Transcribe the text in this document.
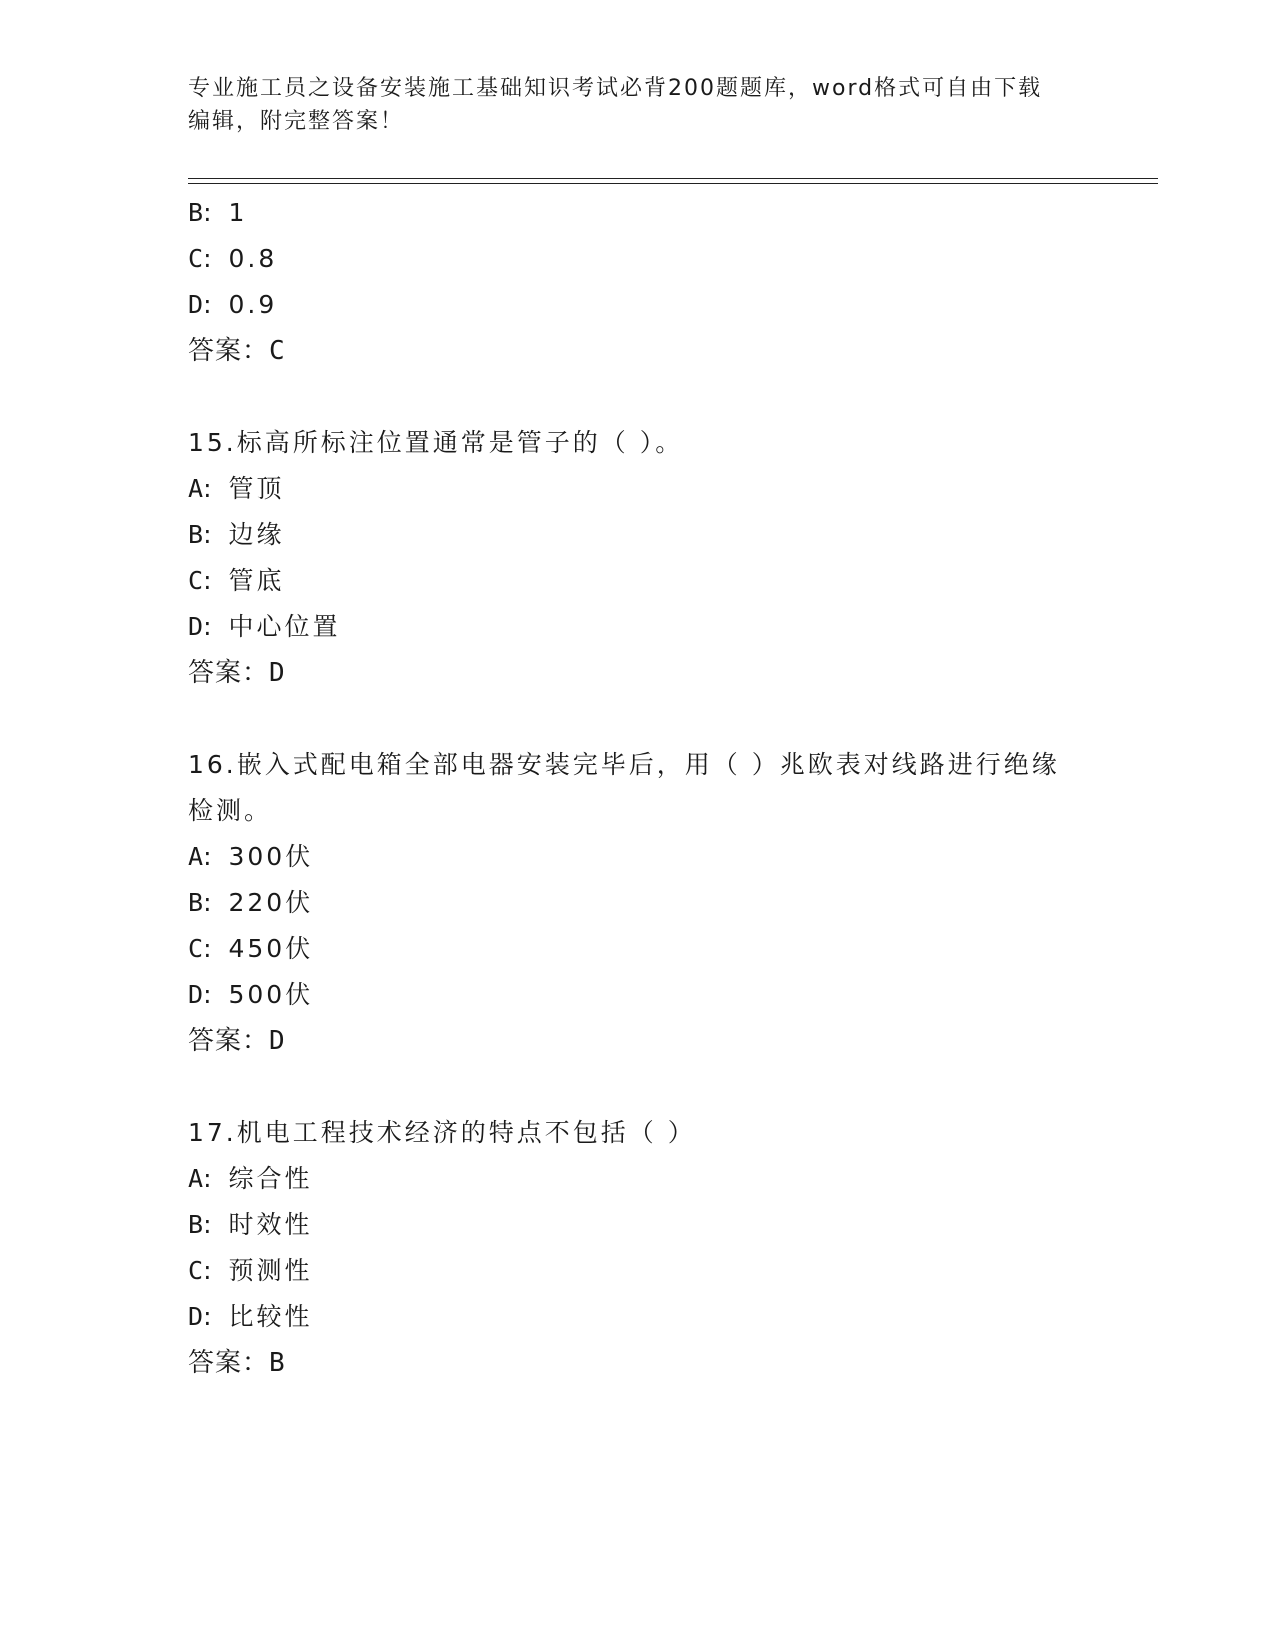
专业施工员之设备安装施工基础知识考试必背200题题库，word格式可自由下载
编辑，附完整答案！
B: 1
C: 0.8
D: 0.9
答案：C
15.标高所标注位置通常是管子的（ ）。
A: 管顶
B: 边缘
C: 管底
D: 中心位置
答案：D
16.嵌入式配电箱全部电器安装完毕后，用（ ）兆欧表对线路进行绝缘检测。
A: 300伏
B: 220伏
C: 450伏
D: 500伏
答案：D
17.机电工程技术经济的特点不包括（ ）
A: 综合性
B: 时效性
C: 预测性
D: 比较性
答案：B
